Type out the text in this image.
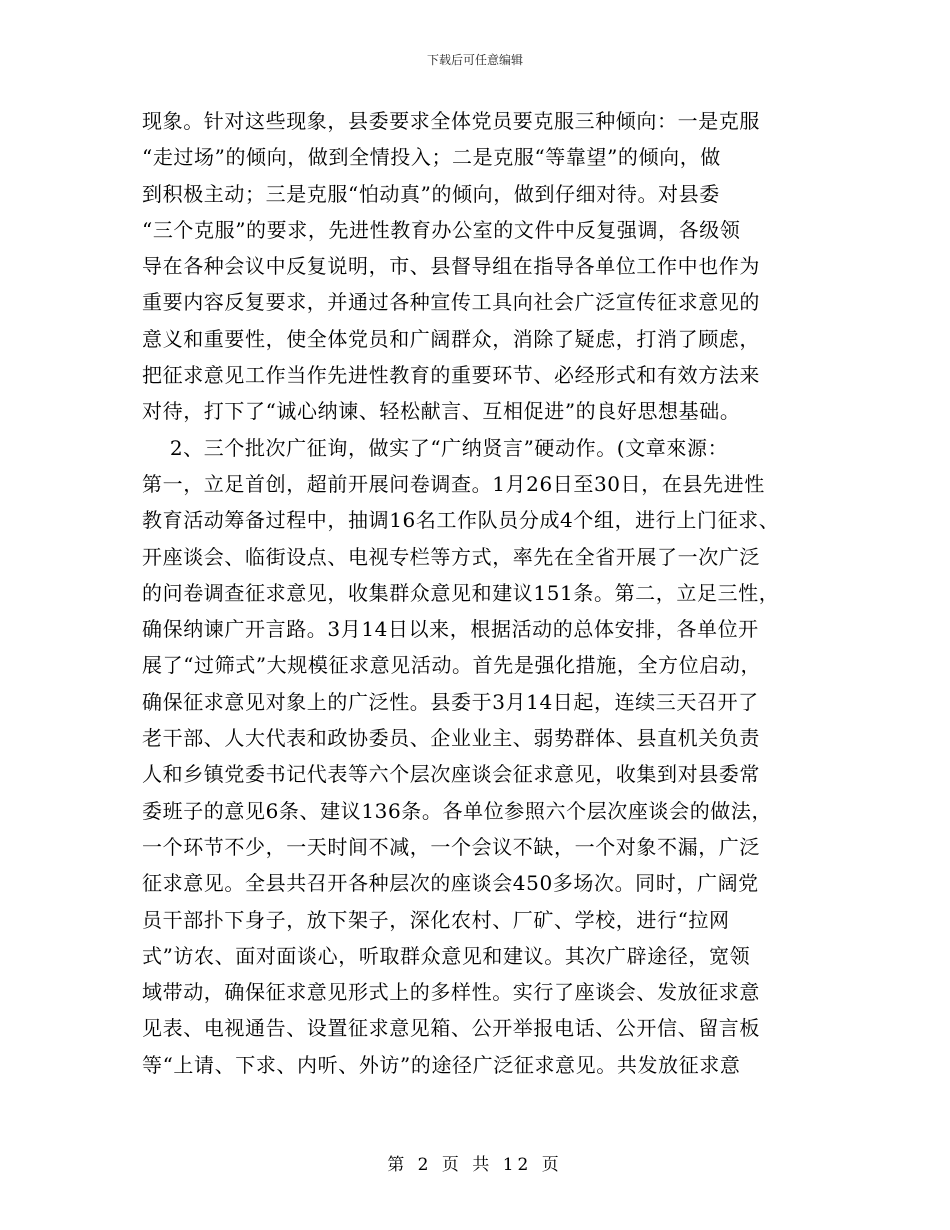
下载后可任意编辑
现象。针对这些现象，县委要求全体党员要克服三种倾向：一是克服
“走过场”的倾向，做到全情投入；二是克服“等靠望”的倾向，做
到积极主动；三是克服“怕动真”的倾向，做到仔细对待。对县委
“三个克服”的要求，先进性教育办公室的文件中反复强调，各级领
导在各种会议中反复说明，市、县督导组在指导各单位工作中也作为
重要内容反复要求，并通过各种宣传工具向社会广泛宣传征求意见的
意义和重要性，使全体党员和广阔群众，消除了疑虑，打消了顾虑，
把征求意见工作当作先进性教育的重要环节、必经形式和有效方法来
对待，打下了“诚心纳谏、轻松献言、互相促进”的良好思想基础。
2、三个批次广征询，做实了“广纳贤言”硬动作。(文章來源：
第一，立足首创，超前开展问卷调查。1月26日至30日，在县先进性
教育活动筹备过程中，抽调16名工作队员分成4个组，进行上门征求、
开座谈会、临街设点、电视专栏等方式，率先在全省开展了一次广泛
的问卷调查征求意见，收集群众意见和建议151条。第二，立足三性，
确保纳谏广开言路。3月14日以来，根据活动的总体安排，各单位开
展了“过筛式”大规模征求意见活动。首先是强化措施，全方位启动，
确保征求意见对象上的广泛性。县委于3月14日起，连续三天召开了
老干部、人大代表和政协委员、企业业主、弱势群体、县直机关负责
人和乡镇党委书记代表等六个层次座谈会征求意见，收集到对县委常
委班子的意见6条、建议136条。各单位参照六个层次座谈会的做法，
一个环节不少，一天时间不减，一个会议不缺，一个对象不漏，广泛
征求意见。全县共召开各种层次的座谈会450多场次。同时，广阔党
员干部扑下身子，放下架子，深化农村、厂矿、学校，进行“拉网
式”访农、面对面谈心，听取群众意见和建议。其次广辟途径，宽领
域带动，确保征求意见形式上的多样性。实行了座谈会、发放征求意
见表、电视通告、设置征求意见箱、公开举报电话、公开信、留言板
等“上请、下求、内听、外访”的途径广泛征求意见。共发放征求意
第 2 页 共 12 页
